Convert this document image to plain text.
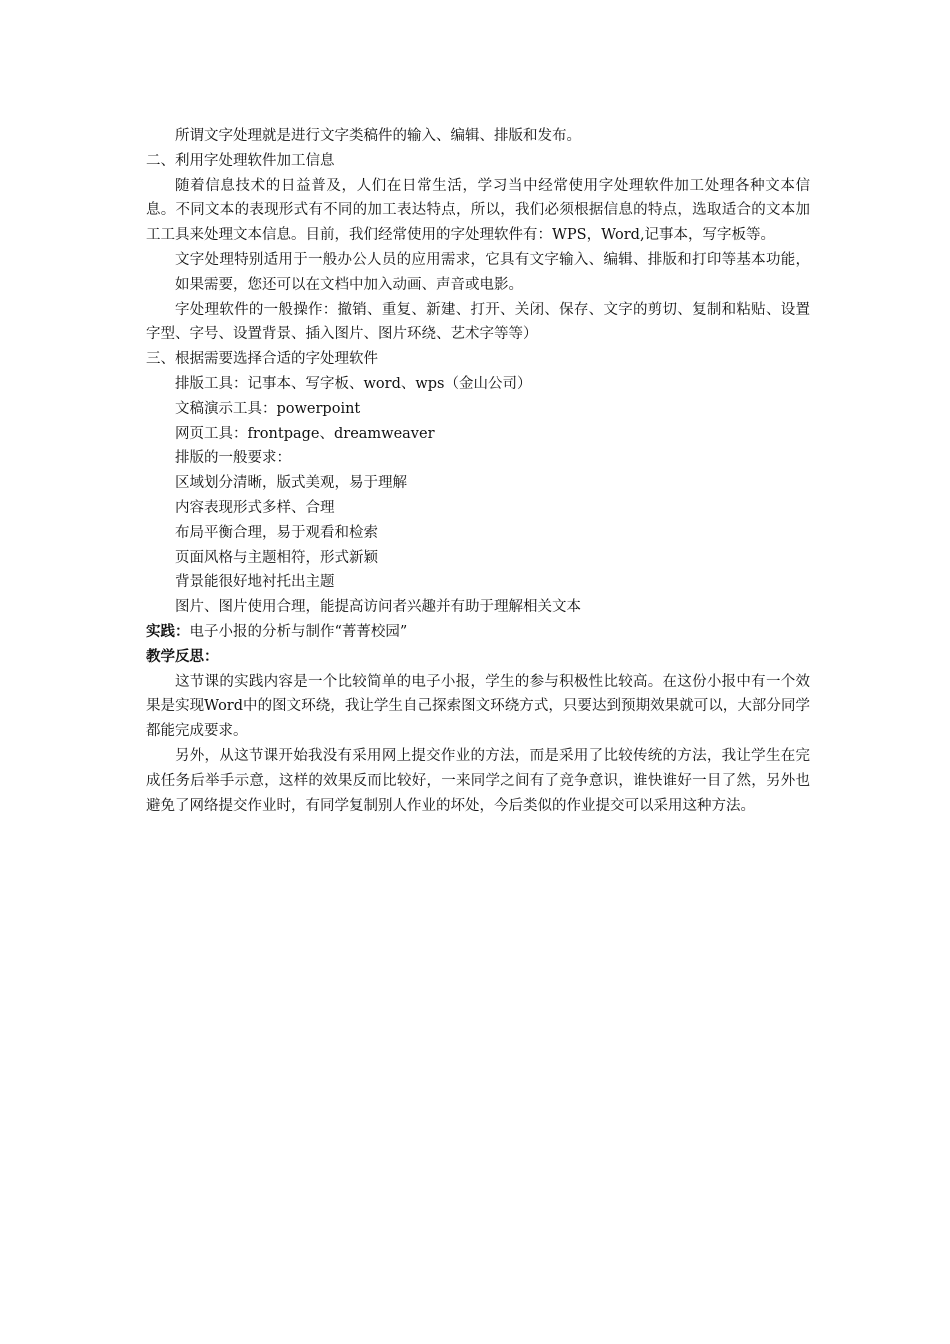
所谓文字处理就是进行文字类稿件的输入、编辑、排版和发布。

二、利用字处理软件加工信息

随着信息技术的日益普及，人们在日常生活，学习当中经常使用字处理软件加工处理各种文本信息。不同文本的表现形式有不同的加工表达特点，所以，我们必须根据信息的特点，选取适合的文本加工工具来处理文本信息。目前，我们经常使用的字处理软件有：WPS，Word,记事本，写字板等。

文字处理特别适用于一般办公人员的应用需求，它具有文字输入、编辑、排版和打印等基本功能，如果需要，您还可以在文档中加入动画、声音或电影。

字处理软件的一般操作：撤销、重复、新建、打开、关闭、保存、文字的剪切、复制和粘贴、设置字型、字号、设置背景、插入图片、图片环绕、艺术字等等）

三、根据需要选择合适的字处理软件

排版工具：记事本、写字板、word、wps（金山公司）

文稿演示工具：powerpoint

网页工具：frontpage、dreamweaver

排版的一般要求：

区域划分清晰，版式美观，易于理解

内容表现形式多样、合理

布局平衡合理，易于观看和检索

页面风格与主题相符，形式新颖

背景能很好地衬托出主题

图片、图片使用合理，能提高访问者兴趣并有助于理解相关文本

实践：电子小报的分析与制作“菁菁校园”

教学反思：

这节课的实践内容是一个比较简单的电子小报，学生的参与积极性比较高。在这份小报中有一个效果是实现Word中的图文环绕，我让学生自己探索图文环绕方式，只要达到预期效果就可以，大部分同学都能完成要求。

另外，从这节课开始我没有采用网上提交作业的方法，而是采用了比较传统的方法，我让学生在完成任务后举手示意，这样的效果反而比较好，一来同学之间有了竞争意识，谁快谁好一目了然，另外也避免了网络提交作业时，有同学复制别人作业的坏处，今后类似的作业提交可以采用这种方法。
